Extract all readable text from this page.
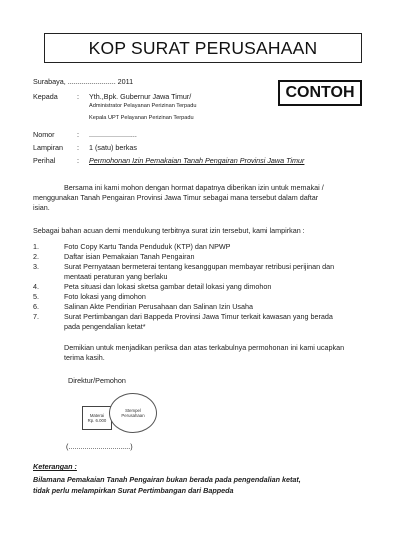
KOP SURAT PERUSAHAAN
CONTOH
Surabaya, ........................ 2011
Kepada	: Yth.,Bpk. Gubernur Jawa Timur/
Administrator Pelayanan Perizinan Terpadu
Kepala UPT Pelayanan Perizinan Terpadu
Nomor	: ........................
Lampiran : 1 (satu) berkas
Perihal	: Permohonan Izin Pemakaian Tanah Pengairan Provinsi Jawa Timur
Bersama ini kami mohon dengan hormat dapatnya diberikan izin untuk memakai /
menggunakan Tanah Pengairan Provinsi Jawa Timur sebagai mana tersebut dalam daftar
isian.
Sebagai bahan acuan demi mendukung terbitnya surat izin tersebut, kami lampirkan :
1.	Foto Copy Kartu Tanda Penduduk (KTP) dan NPWP
2.	Daftar isian Pemakaian Tanah Pengairan
3.	Surat Pernyataan bermeterai tentang kesanggupan membayar retribusi perijinan dan
mentaati peraturan yang berlaku
4.	Peta situasi dan lokasi sketsa gambar detail lokasi yang dimohon
5.	Foto lokasi yang dimohon
6.	Salinan Akte Pendirian Perusahaan dan Salinan Izin Usaha
7.	Surat Pertimbangan dari Bappeda Provinsi Jawa Timur terkait kawasan yang berada
pada pengendalian ketat*
Demikian untuk menjadikan periksa dan atas terkabulnya permohonan ini kami ucapkan
terima kasih.
Direktur/Pemohon
Materai
Rp. 6.000
Stempel
Perusahaan
(...............................)
Keterangan :
Bilamana Pemakaian Tanah Pengairan bukan berada pada pengendalian ketat,
tidak perlu melampirkan Surat Pertimbangan dari Bappeda
